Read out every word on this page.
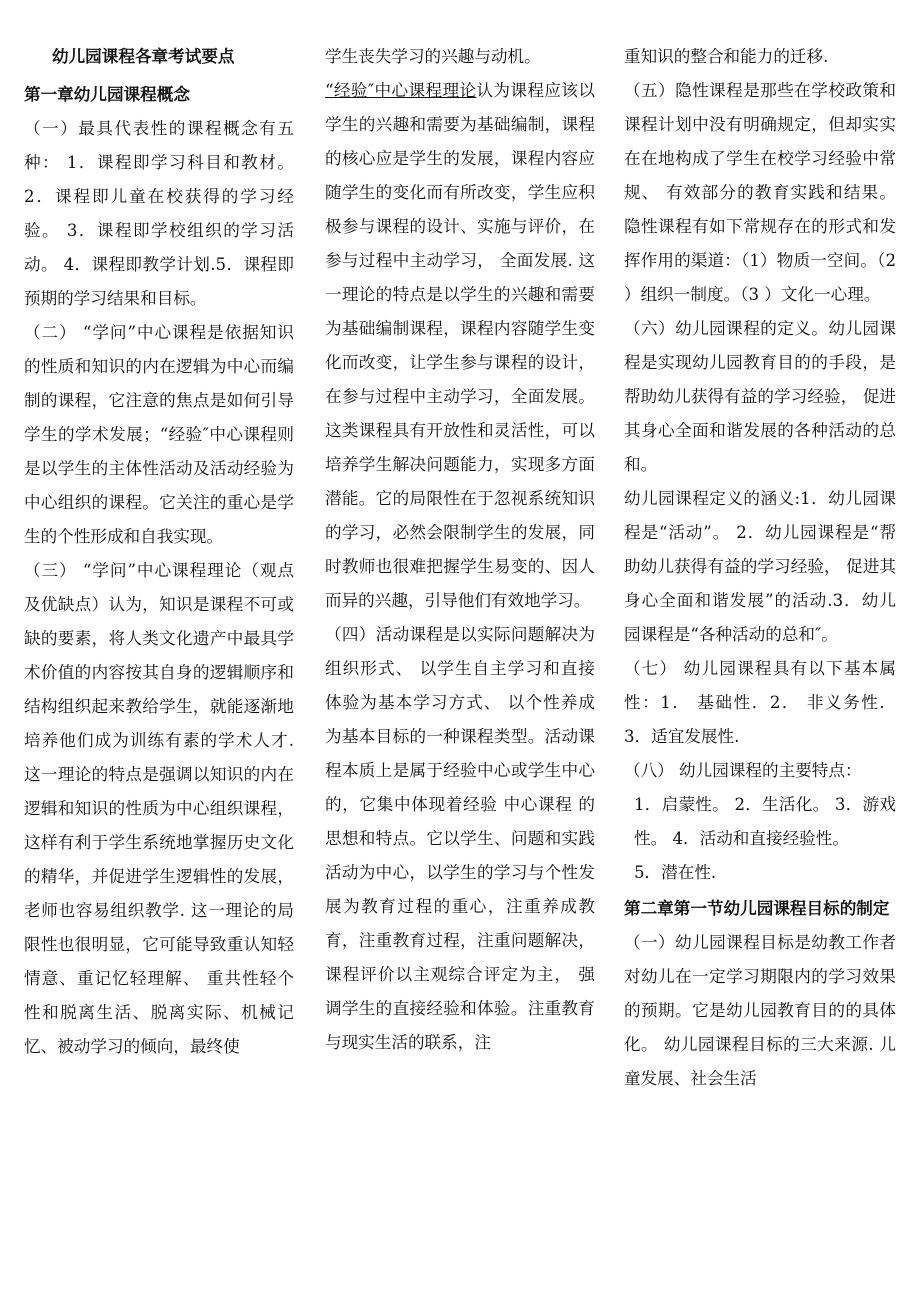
幼儿园课程各章考试要点

第一章幼儿园课程概念

（一）最具代表性的课程概念有五种： 1．课程即学习科目和教材。 2．课程即儿童在校获得的学习经验。 3．课程即学校组织的学习活动。 4．课程即教学计划.5．课程即预期的学习结果和目标。

（二） “学问”中心课程是依据知识的性质和知识的内在逻辑为中心而编制的课程，它注意的焦点是如何引导学生的学术发展；“经验″中心课程则是以学生的主体性活动及活动经验为中心组织的课程。它关注的重心是学生的个性形成和自我实现。

（三） “学问”中心课程理论（观点及优缺点）认为，知识是课程不可或缺的要素，将人类文化遗产中最具学术价值的内容按其自身的逻辑顺序和结构组织起来教给学生，就能逐渐地培养他们成为训练有素的学术人才. 这一理论的特点是强调以知识的内在逻辑和知识的性质为中心组织课程，这样有利于学生系统地掌握历史文化的精华，并促进学生逻辑性的发展， 老师也容易组织教学. 这一理论的局限性也很明显，它可能导致重认知轻情意、重记忆轻理解、 重共性轻个性和脱离生活、脱离实际、机械记忆、被动学习的倾向，最终使

学生丧失学习的兴趣与动机。

“经验″中心课程理论认为课程应该以学生的兴趣和需要为基础编制，课程的核心应是学生的发展，课程内容应随学生的变化而有所改变，学生应积极参与课程的设计、实施与评价，在参与过程中主动学习， 全面发展. 这一理论的特点是以学生的兴趣和需要为基础编制课程，课程内容随学生变化而改变，让学生参与课程的设计，在参与过程中主动学习，全面发展。 这类课程具有开放性和灵活性，可以培养学生解决问题能力，实现多方面潜能。它的局限性在于忽视系统知识的学习，必然会限制学生的发展，同时教师也很难把握学生易变的、因人而异的兴趣，引导他们有效地学习。

（四）活动课程是以实际问题解决为组织形式、 以学生自主学习和直接体验为基本学习方式、 以个性养成为基本目标的一种课程类型。活动课程本质上是属于经验中心或学生中心的，它集中体现着经验 中心课程 的思想和特点。它以学生、问题和实践活动为中心，以学生的学习与个性发展为教育过程的重心，注重养成教育，注重教育过程，注重问题解决，课程评价以主观综合评定为主， 强调学生的直接经验和体验。注重教育与现实生活的联系，注

重知识的整合和能力的迁移.

（五）隐性课程是那些在学校政策和课程计划中没有明确规定，但却实实在在地构成了学生在校学习经验中常规、 有效部分的教育实践和结果。 隐性课程有如下常规存在的形式和发挥作用的渠道：（1）物质一空间。（2 ）组织一制度。（3 ）文化一心理。

（六）幼儿园课程的定义。幼儿园课程是实现幼儿园教育目的的手段，是帮助幼儿获得有益的学习经验， 促进其身心全面和谐发展的各种活动的总和。

幼儿园课程定义的涵义:1．幼儿园课程是“活动”。 2．幼儿园课程是“帮助幼儿获得有益的学习经验， 促进其身心全面和谐发展”的活动.3．幼儿园课程是“各种活动的总和″。

（七） 幼儿园课程具有以下基本属性：1． 基础性．2． 非义务性．3．适宜发展性.

（八） 幼儿园课程的主要特点：

1．启蒙性。 2．生活化。 3．游戏性。 4．活动和直接经验性。

5．潜在性.

第二章第一节幼儿园课程目标的制定

（一）幼儿园课程目标是幼教工作者对幼儿在一定学习期限内的学习效果的预期。它是幼儿园教育目的的具体化。 幼儿园课程目标的三大来源. 儿童发展、社会生活
